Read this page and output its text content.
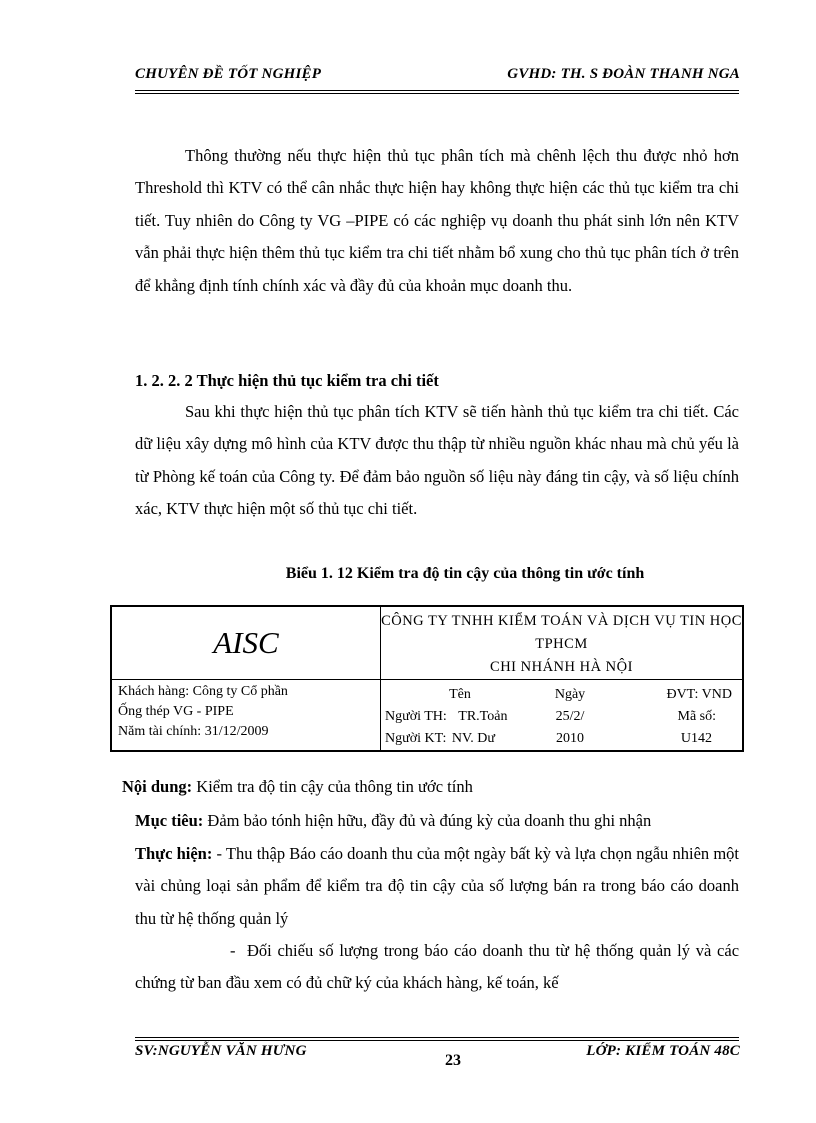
CHUYÊN ĐỀ TỐT NGHIỆP	GVHD: TH. S ĐOÀN THANH NGA
Thông thường nếu thực hiện thủ tục phân tích mà chênh lệch thu được nhỏ hơn Threshold thì KTV có thể cân nhắc thực hiện hay không thực hiện các thủ tục kiểm tra chi tiết. Tuy nhiên do Công ty VG –PIPE có các nghiệp vụ doanh thu phát sinh lớn nên KTV vẫn phải thực hiện thêm thủ tục kiểm tra chi tiết nhằm bổ xung cho thủ tục phân tích ở trên để khẳng định tính chính xác và đầy đủ của khoản mục doanh thu.
1. 2. 2. 2 Thực hiện thủ tục kiểm tra chi tiết
Sau khi thực hiện thủ tục phân tích KTV sẽ tiến hành thủ tục kiểm tra chi tiết. Các dữ liệu xây dựng mô hình của KTV được thu thập từ nhiều nguồn khác nhau mà chủ yếu là từ Phòng kế toán của Công ty. Để đảm bảo nguồn số liệu này đáng tin cậy, và số liệu chính xác, KTV thực hiện một số thủ tục chi tiết.
Biểu 1. 12 Kiểm tra độ tin cậy của thông tin ước tính
AISC	
CÔNG TY TNHH KIỂM TOÁN VÀ DỊCH VỤ TIN HỌC TPHCM
CHI NHÁNH HÀ NỘI

Khách hàng: Công ty Cổ phần
Ống thép VG - PIPE
Năm tài chính: 31/12/2009

Tên	Ngày	ĐVT: VND
Người TH: TR.Toản	25/2/	Mã số:
Người KT: NV. Dư	2010	U142
Nội dung: Kiểm tra độ tin cậy của thông tin ước tính
Mục tiêu: Đảm bảo tónh hiện hữu, đầy đủ và đúng kỳ của doanh thu ghi nhận
Thực hiện: - Thu thập Báo cáo doanh thu của một ngày bất kỳ và lựa chọn ngẫu nhiên một vài chủng loại sản phẩm để kiểm tra độ tin cậy của số lượng bán ra trong báo cáo doanh thu từ hệ thống quản lý
- Đối chiếu số lượng trong báo cáo doanh thu từ hệ thống quản lý và các chứng từ ban đầu xem có đủ chữ ký của khách hàng, kế toán, kế
SV:NGUYỄN VĂN HƯNG
23
LỚP: KIỂM TOÁN 48C
